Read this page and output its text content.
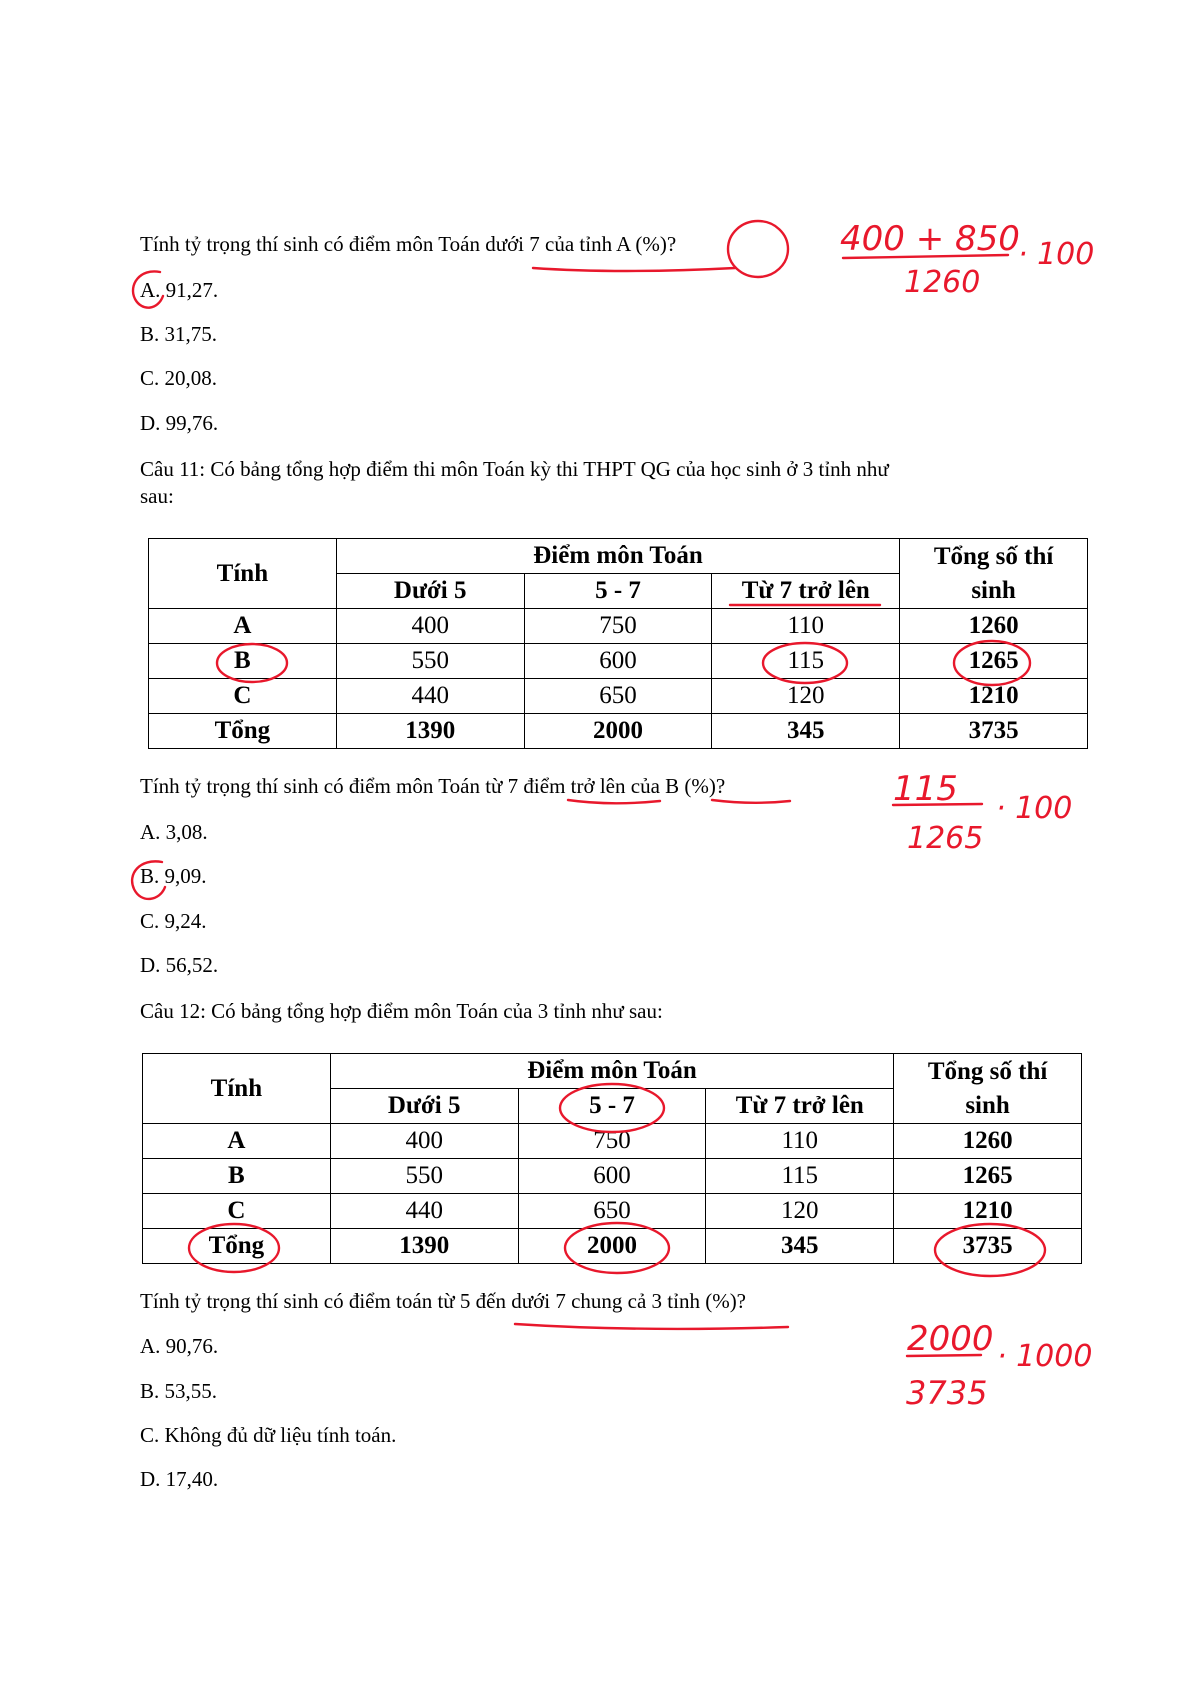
Tính tỷ trọng thí sinh có điểm môn Toán dưới 7 của tỉnh A (%)?
A. 91,27.
B. 31,75.
C. 20,08.
D. 99,76.
Câu 11: Có bảng tổng hợp điểm thi môn Toán kỳ thi THPT QG của học sinh ở 3 tỉnh như
sau:
Tính	Điểm môn Toán			Tổng số thí
sinh
	Dưới 5	5 - 7	Từ 7 trở lên	
A	400	750	110	1260
B	550	600	115	1265
C	440	650	120	1210
Tổng	1390	2000	345	3735
Tính tỷ trọng thí sinh có điểm môn Toán từ 7 điểm trở lên của B (%)?
A. 3,08.
B. 9,09.
C. 9,24.
D. 56,52.
Câu 12: Có bảng tổng hợp điểm môn Toán của 3 tỉnh như sau:
Tính	Điểm môn Toán			Tổng số thí
sinh
	Dưới 5	5 - 7	Từ 7 trở lên	
A	400	750	110	1260
B	550	600	115	1265
C	440	650	120	1210
Tổng	1390	2000	345	3735
Tính tỷ trọng thí sinh có điểm toán từ 5 đến dưới 7 chung cả 3 tỉnh (%)?
A. 90,76.
B. 53,55.
C. Không đủ dữ liệu tính toán.
D. 17,40.
400 + 850
1260
· 100
115
1265
· 100
2000
3735
· 1000
